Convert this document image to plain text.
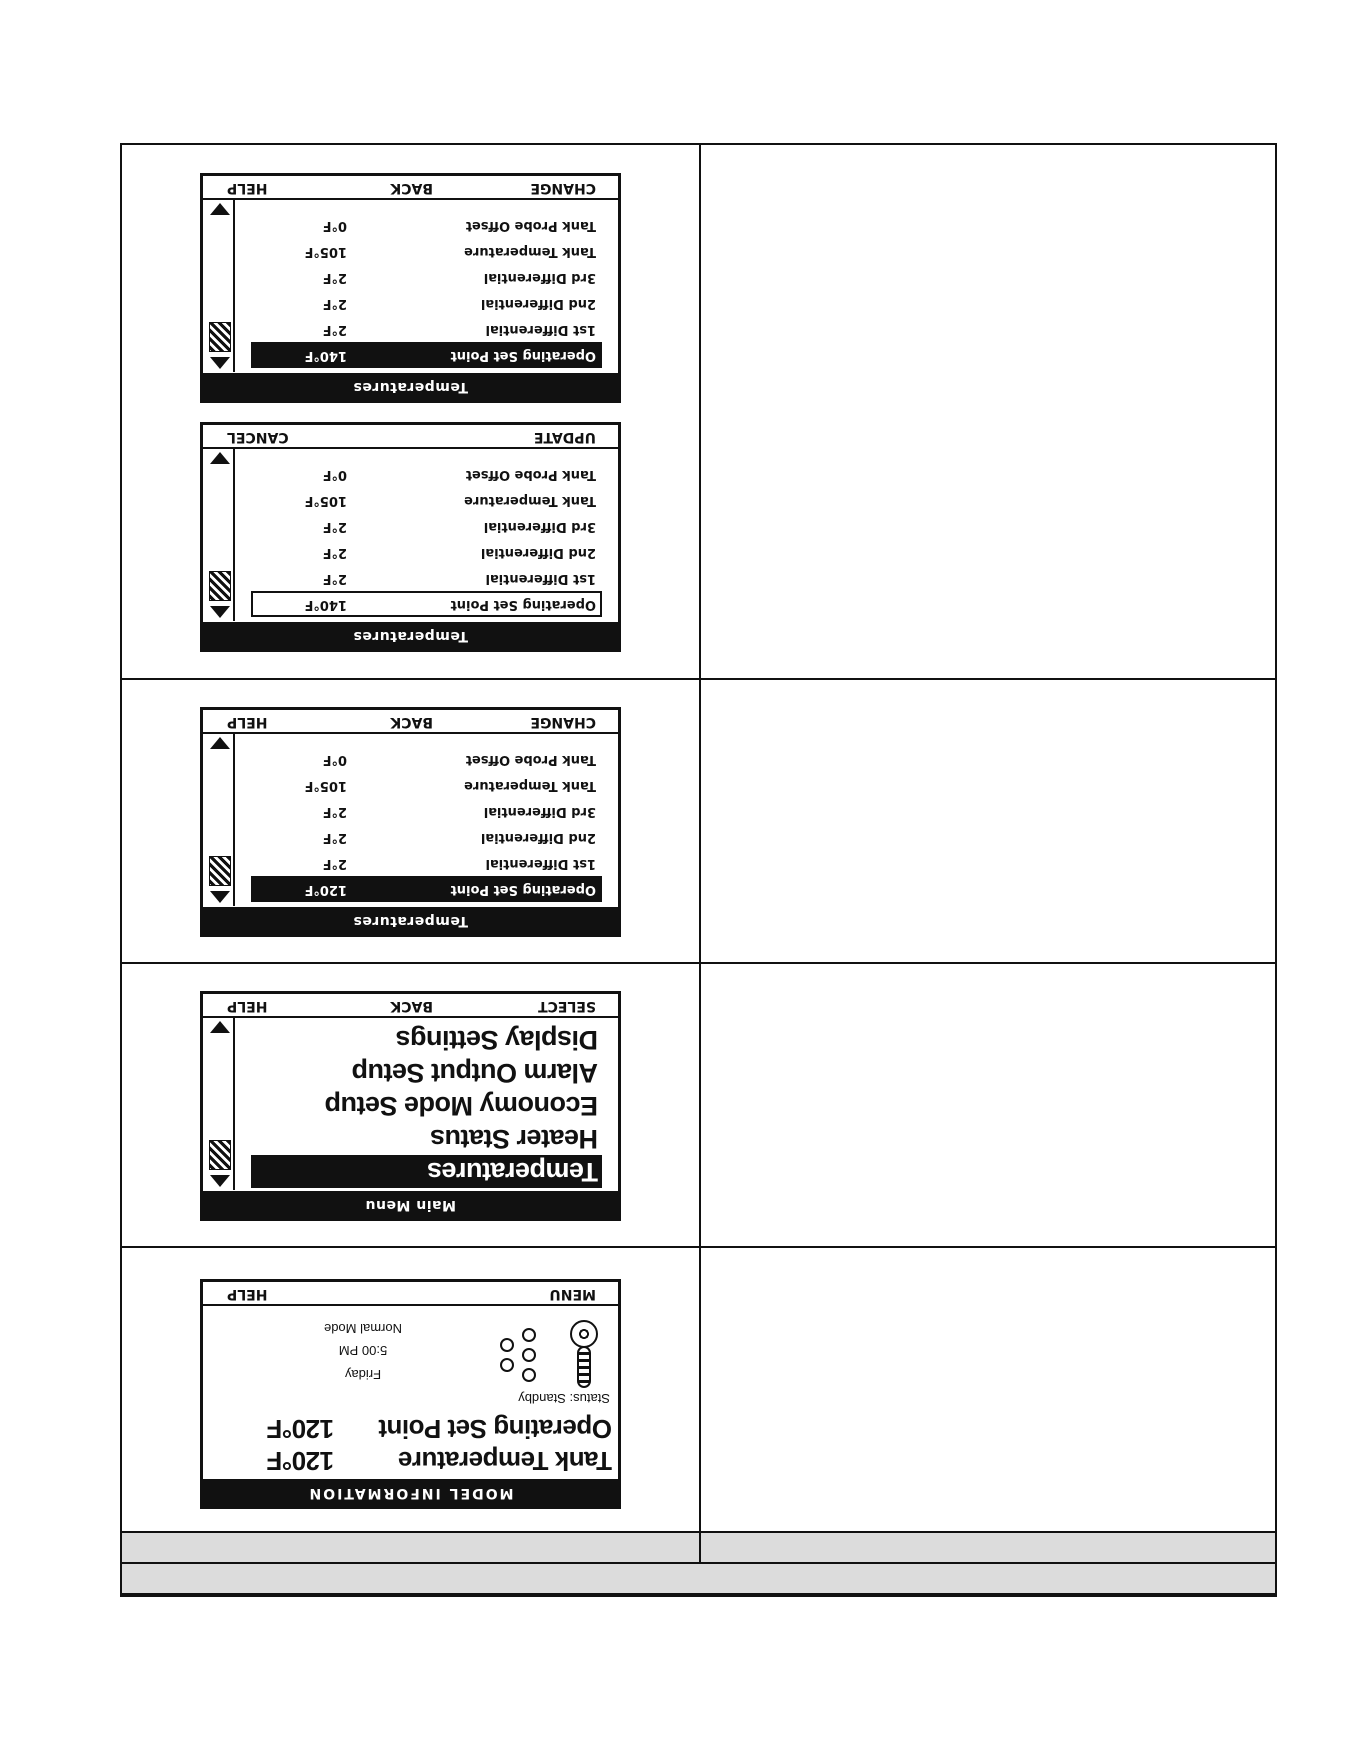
Temperatures
Operating Set Point
140°F
1st Differential
2°F
2nd Differential
2°F
3rd Differential
2°F
Tank Temperature
105°F
Tank Probe Offset
0°F
CHANGE
BACK
HELP
Temperatures
Operating Set Point
140°F
1st Differential
2°F
2nd Differential
2°F
3rd Differential
2°F
Tank Temperature
105°F
Tank Probe Offset
0°F
UPDATE
CANCEL
Temperatures
Operating Set Point
120°F
1st Differential
2°F
2nd Differential
2°F
3rd Differential
2°F
Tank Temperature
105°F
Tank Probe Offset
0°F
CHANGE
BACK
HELP
Main Menu
Temperatures
Heater Status
Economy Mode Setup
Alarm Output Setup
Display Settings
SELECT
BACK
HELP
MODEL INFORMATION
Tank Temperature
120°F
Operating Set Point
120°F
Status: Standby
Friday
5:00 PM
Normal Mode
MENU
HELP
